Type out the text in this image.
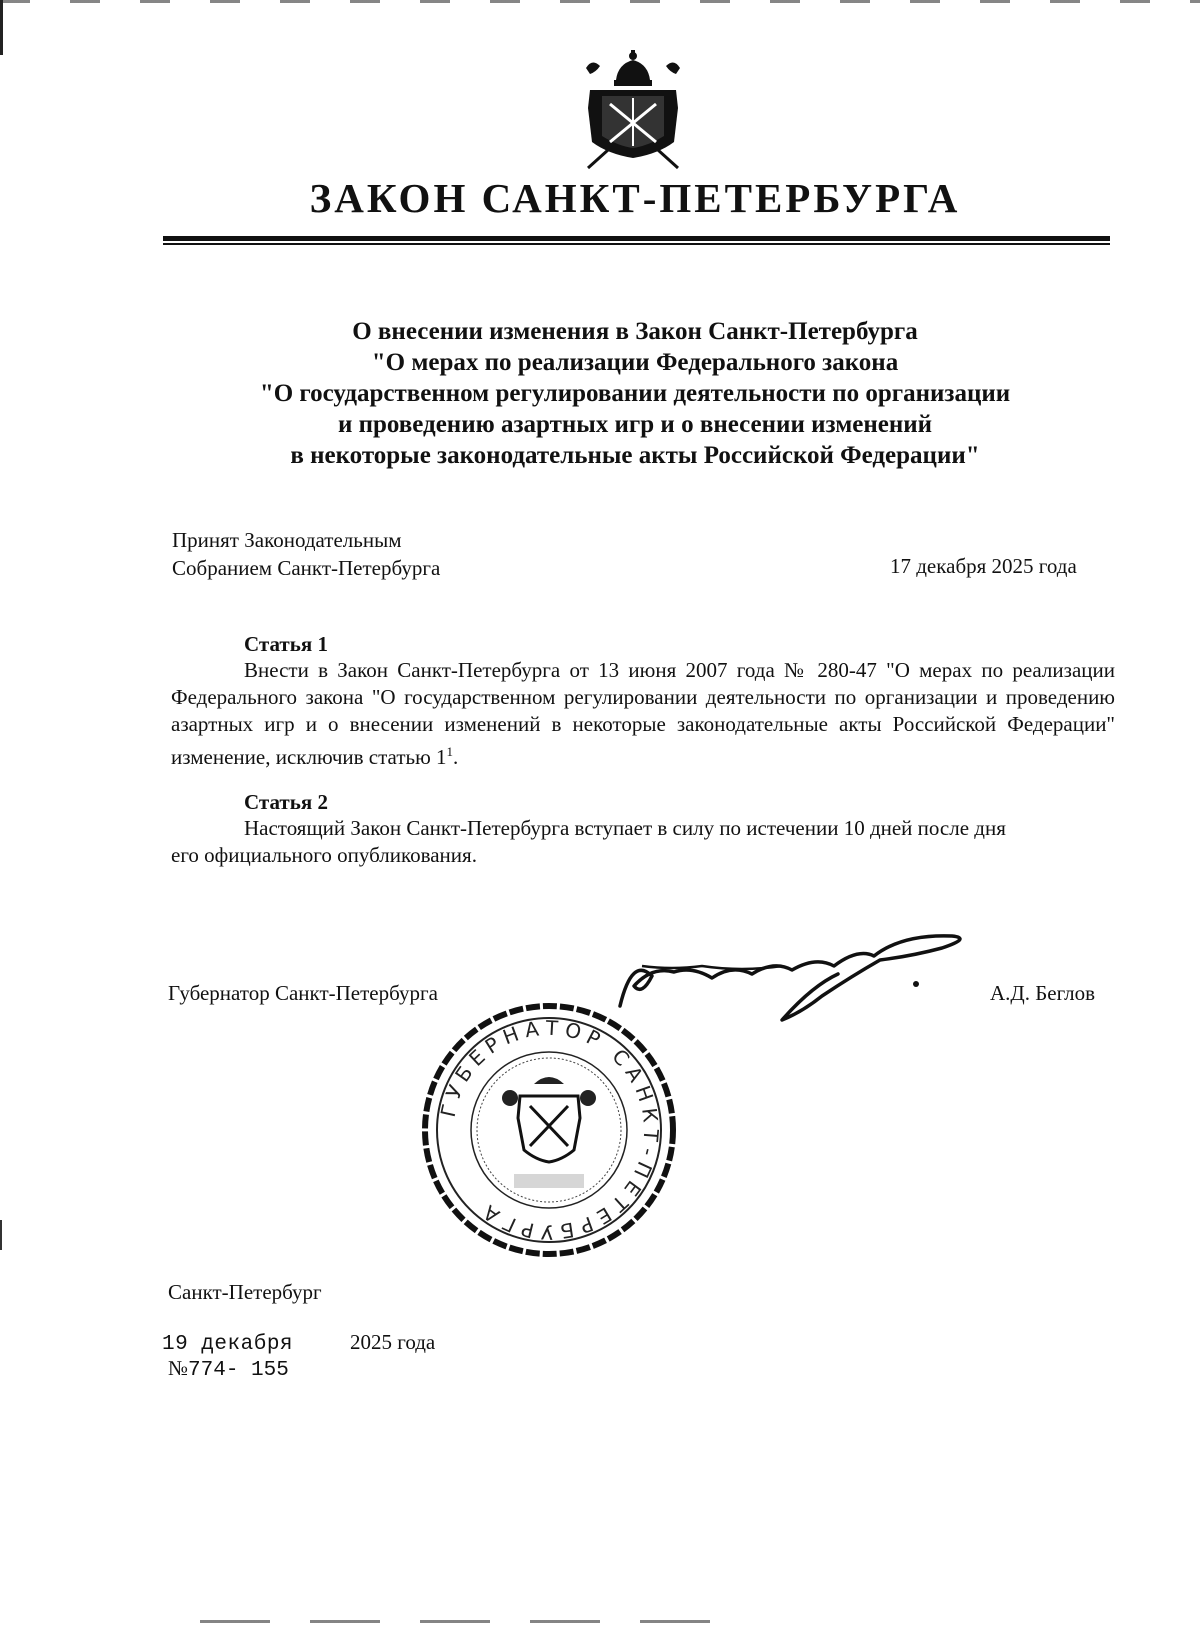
ЗАКОН САНКТ-ПЕТЕРБУРГА
О внесении изменения в Закон Санкт-Петербурга
"О мерах по реализации Федерального закона
"О государственном регулировании деятельности по организации
и проведению азартных игр и о внесении изменений
в некоторые законодательные акты Российской Федерации"
Принят Законодательным
Собранием Санкт-Петербурга	17 декабря 2025 года
Статья 1
Внести в Закон Санкт-Петербурга от 13 июня 2007 года № 280-47 "О мерах по реализации Федерального закона "О государственном регулировании деятельности по организации и проведению азартных игр и о внесении изменений в некоторые законодательные акты Российской Федерации" изменение, исключив статью $1^1$.
Статья 2
Настоящий Закон Санкт-Петербурга вступает в силу по истечении 10 дней после дня
его официального опубликования.
Губернатор Санкт-Петербурга	А.Д. Беглов
ГУБЕРНАТОР САНКТ-ПЕТЕРБУРГА
Санкт-Петербург
19 декабря	2025 года
№774- 155
